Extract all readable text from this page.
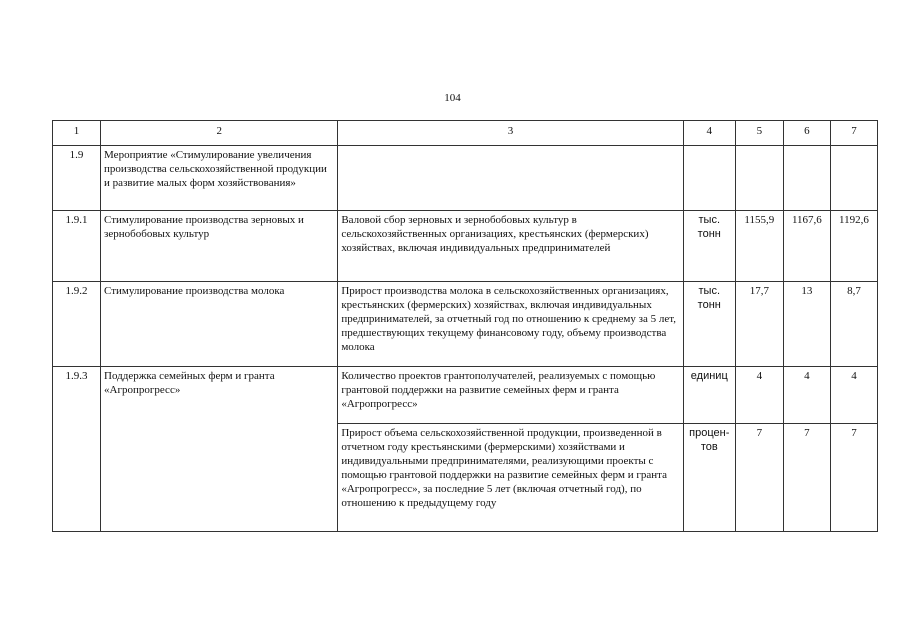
104
1	2	3	4	5	6	7
1.9	Мероприятие «Стимулирование увеличения производства сельскохозяйственной продукции и развитие малых форм хозяйствования»					
1.9.1	Стимулирование производства зерновых и зернобобовых культур	Валовой сбор зерновых и зернобобовых культур в сельскохозяйственных организациях, крестьянских (фермерских) хозяйствах, включая индивидуальных предпринимателей	тыс. тонн	1155,9	1167,6	1192,6
1.9.2	Стимулирование производства молока	Прирост производства молока в сельскохозяйственных организациях, крестьянских (фермерских) хозяйствах, включая индивидуальных предпринимателей, за отчетный год по отношению к среднему за 5 лет, предшествующих текущему финансовому году, объему производства молока	тыс. тонн	17,7	13	8,7
1.9.3	Поддержка семейных ферм и гранта «Агропрогресс»	Количество проектов грантополучателей, реализуемых с помощью грантовой поддержки на развитие семейных ферм и гранта «Агропрогресс»	единиц	4	4	4
		Прирост объема сельскохозяйственной продукции, произведенной в отчетном году крестьянскими (фермерскими) хозяйствами и индивидуальными предпринимателями, реализующими проекты с помощью грантовой поддержки на развитие семейных ферм и гранта «Агропрогресс», за последние 5 лет (включая отчетный год), по отношению к предыдущему году	процен-тов	7	7	7
